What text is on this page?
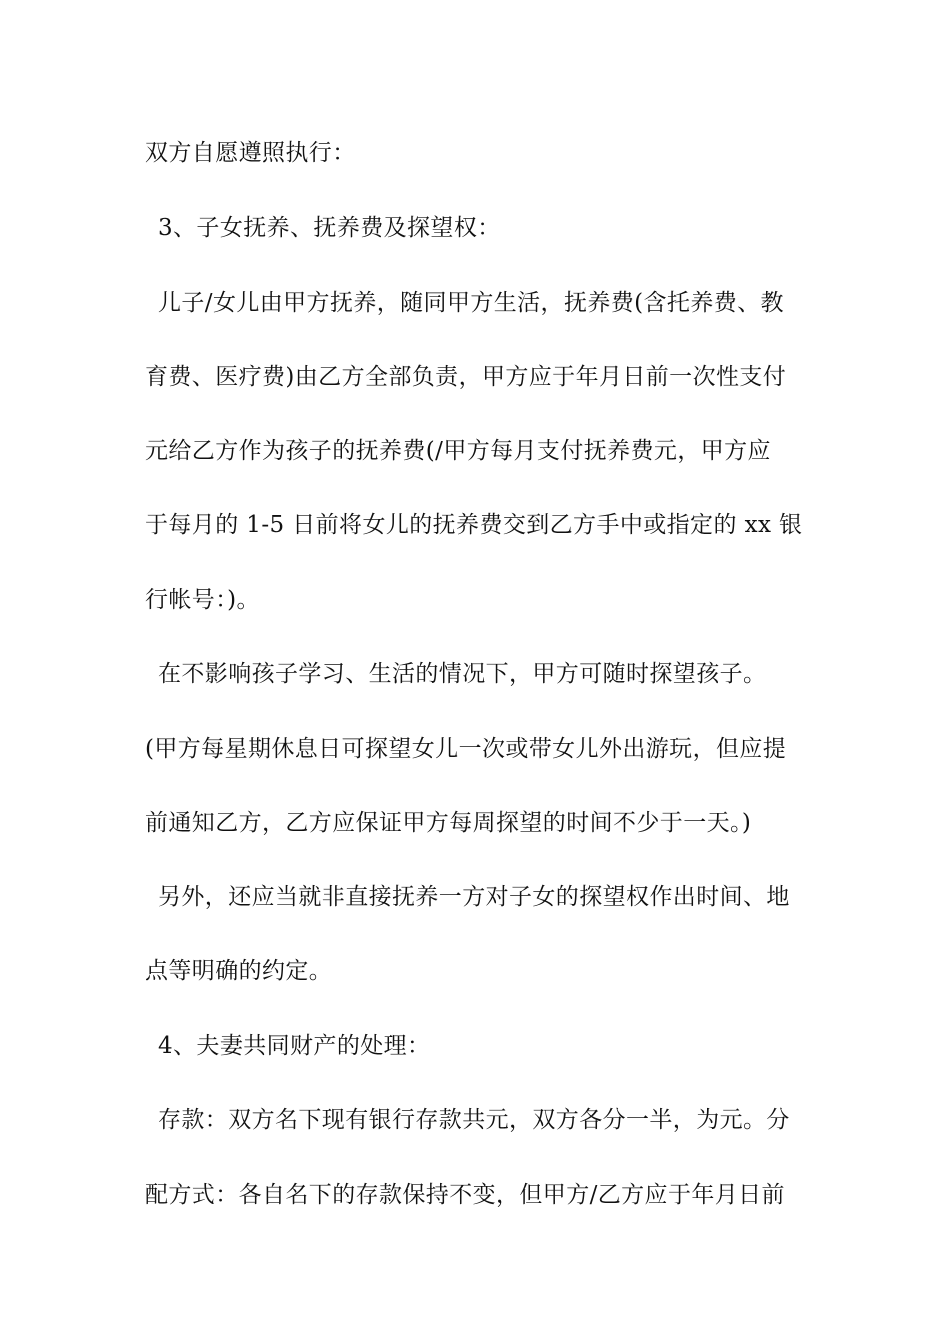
双方自愿遵照执行：
3、子女抚养、抚养费及探望权：
儿子/女儿由甲方抚养，随同甲方生活，抚养费(含托养费、教
育费、医疗费)由乙方全部负责，甲方应于年月日前一次性支付
元给乙方作为孩子的抚养费(/甲方每月支付抚养费元，甲方应
于每月的 1-5 日前将女儿的抚养费交到乙方手中或指定的 xx 银
行帐号：)。
在不影响孩子学习、生活的情况下，甲方可随时探望孩子。
(甲方每星期休息日可探望女儿一次或带女儿外出游玩，但应提
前通知乙方，乙方应保证甲方每周探望的时间不少于一天。)
另外，还应当就非直接抚养一方对子女的探望权作出时间、地
点等明确的约定。
4、夫妻共同财产的处理：
存款：双方名下现有银行存款共元，双方各分一半，为元。分
配方式：各自名下的存款保持不变，但甲方/乙方应于年月日前
